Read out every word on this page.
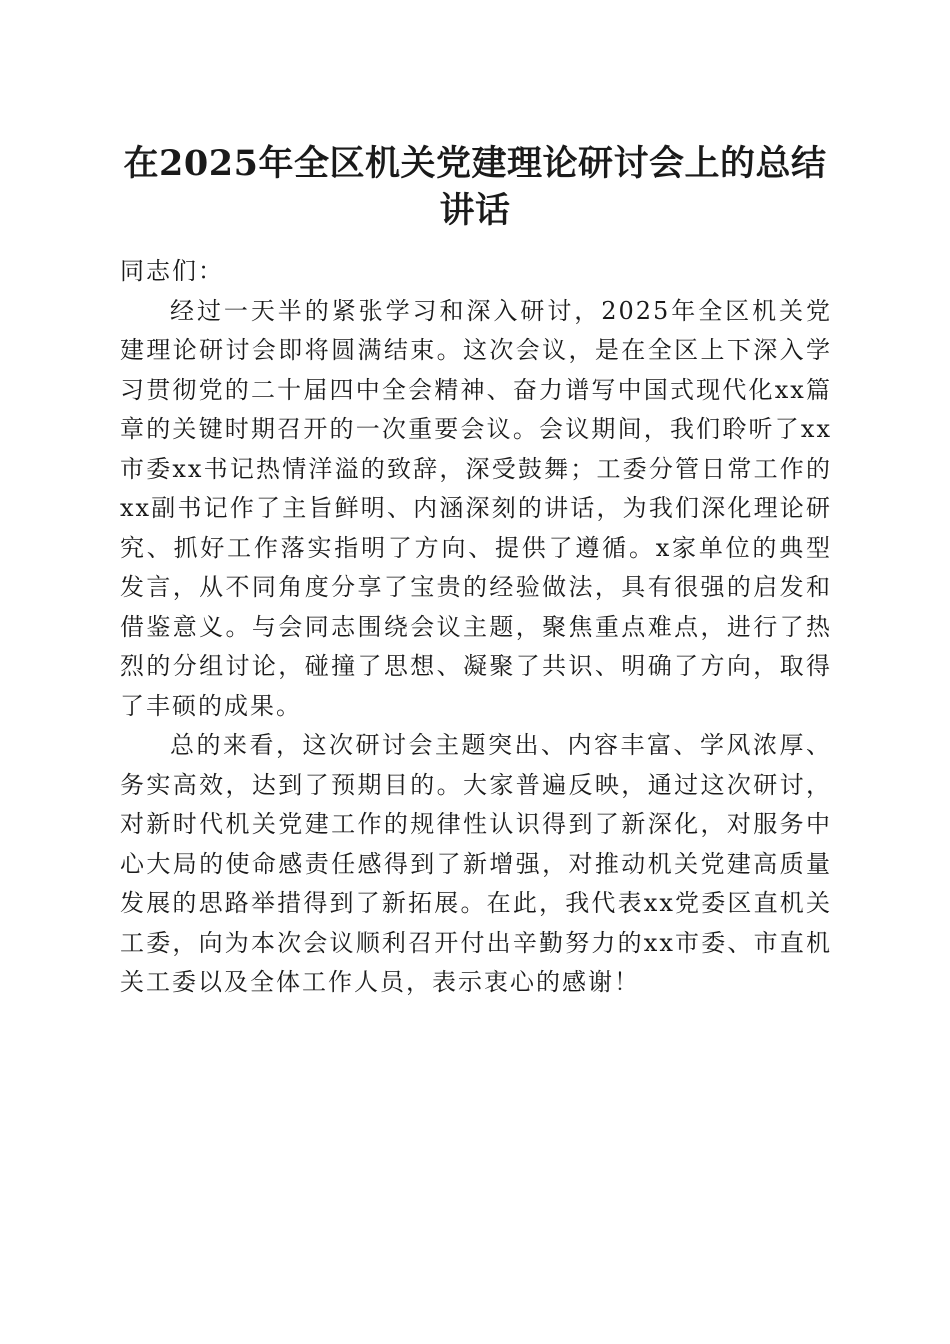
在2025年全区机关党建理论研讨会上的总结
讲话

同志们：

经过一天半的紧张学习和深入研讨，2025年全区机关党建理论研讨会即将圆满结束。这次会议，是在全区上下深入学习贯彻党的二十届四中全会精神、奋力谱写中国式现代化xx篇章的关键时期召开的一次重要会议。会议期间，我们聆听了xx市委xx书记热情洋溢的致辞，深受鼓舞；工委分管日常工作的xx副书记作了主旨鲜明、内涵深刻的讲话，为我们深化理论研究、抓好工作落实指明了方向、提供了遵循。x家单位的典型发言，从不同角度分享了宝贵的经验做法，具有很强的启发和借鉴意义。与会同志围绕会议主题，聚焦重点难点，进行了热烈的分组讨论，碰撞了思想、凝聚了共识、明确了方向，取得了丰硕的成果。

总的来看，这次研讨会主题突出、内容丰富、学风浓厚、务实高效，达到了预期目的。大家普遍反映，通过这次研讨，对新时代机关党建工作的规律性认识得到了新深化，对服务中心大局的使命感责任感得到了新增强，对推动机关党建高质量发展的思路举措得到了新拓展。在此，我代表xx党委区直机关工委，向为本次会议顺利召开付出辛勤努力的xx市委、市直机关工委以及全体工作人员，表示衷心的感谢！
